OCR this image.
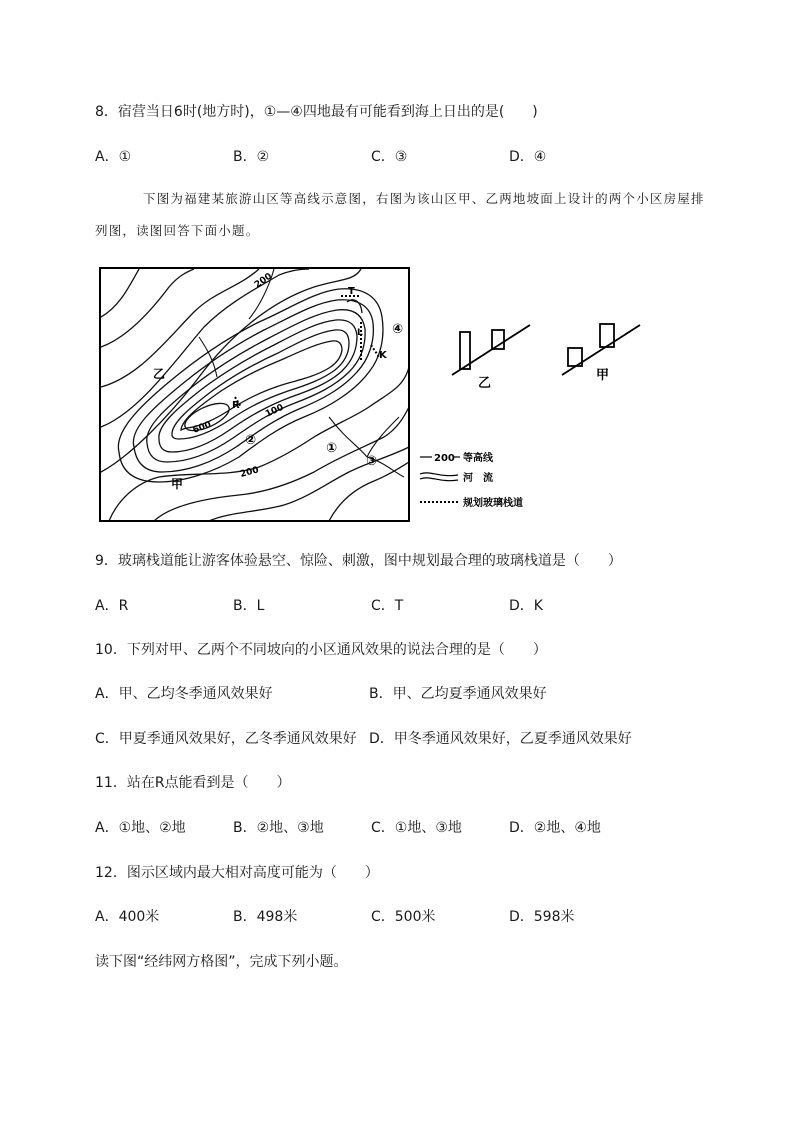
8．宿营当日6时(地方时)，①—④四地最有可能看到海上日出的是(　　)
A．①	B．②	C．③	D．④
下图为福建某旅游山区等高线示意图，右图为该山区甲、乙两地坡面上设计的两个小区房屋排列图，读图回答下面小题。
200
600
100
200
T
L
K
R
乙
甲
①
②
③
④
200 等高线
河　流
规划玻璃栈道
乙
甲
9．玻璃栈道能让游客体验悬空、惊险、刺激，图中规划最合理的玻璃栈道是（　　）
A．R	B．L	C．T	D．K
10．下列对甲、乙两个不同坡向的小区通风效果的说法合理的是（　　）
A．甲、乙均冬季通风效果好	B．甲、乙均夏季通风效果好
C．甲夏季通风效果好，乙冬季通风效果好 D．甲冬季通风效果好，乙夏季通风效果好
11．站在R点能看到是（　　）
A．①地、②地	B．②地、③地	C．①地、③地	D．②地、④地
12．图示区域内最大相对高度可能为（　　）
A．400米	B．498米	C．500米	D．598米
读下图“经纬网方格图”，完成下列小题。
